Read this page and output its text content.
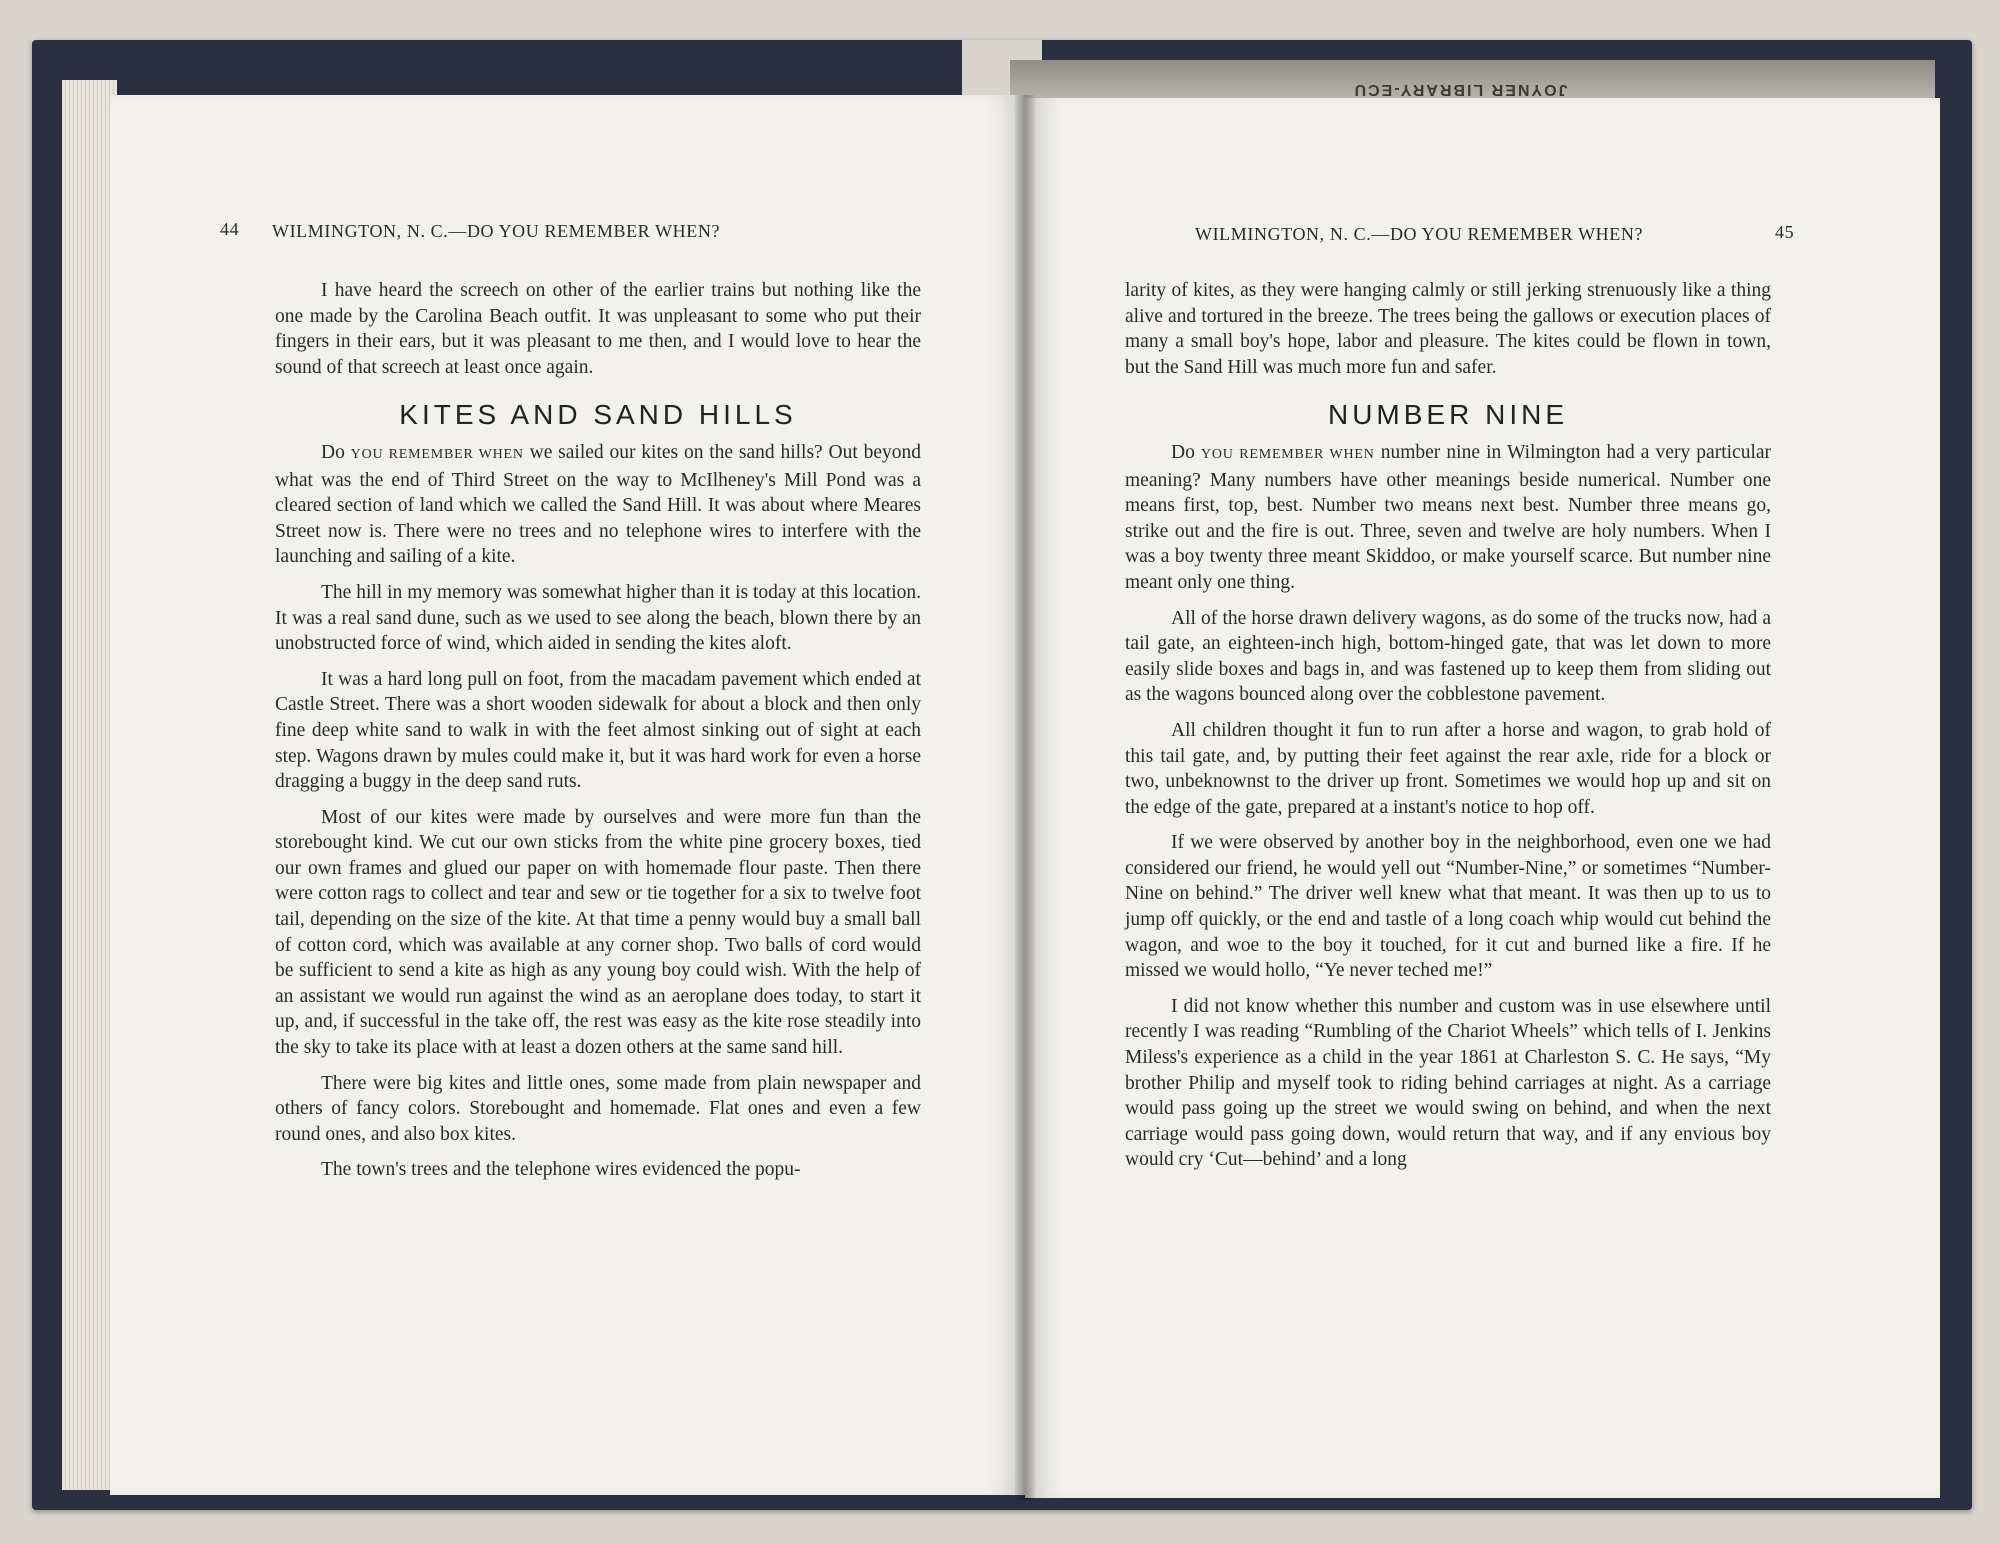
JOYNER LIBRARY-ECU
44 WILMINGTON, N. C.—DO YOU REMEMBER WHEN?

I have heard the screech on other of the earlier trains but nothing like the one made by the Carolina Beach outfit. It was unpleasant to some who put their fingers in their ears, but it was pleasant to me then, and I would love to hear the sound of that screech at least once again.

KITES AND SAND HILLS

Do YOU REMEMBER WHEN we sailed our kites on the sand hills? Out beyond what was the end of Third Street on the way to McIlheney's Mill Pond was a cleared section of land which we called the Sand Hill. It was about where Meares Street now is. There were no trees and no telephone wires to interfere with the launching and sailing of a kite.

The hill in my memory was somewhat higher than it is today at this location. It was a real sand dune, such as we used to see along the beach, blown there by an unobstructed force of wind, which aided in sending the kites aloft.

It was a hard long pull on foot, from the macadam pavement which ended at Castle Street. There was a short wooden sidewalk for about a block and then only fine deep white sand to walk in with the feet almost sinking out of sight at each step. Wagons drawn by mules could make it, but it was hard work for even a horse dragging a buggy in the deep sand ruts.

Most of our kites were made by ourselves and were more fun than the storebought kind. We cut our own sticks from the white pine grocery boxes, tied our own frames and glued our paper on with homemade flour paste. Then there were cotton rags to collect and tear and sew or tie together for a six to twelve foot tail, depending on the size of the kite. At that time a penny would buy a small ball of cotton cord, which was available at any corner shop. Two balls of cord would be sufficient to send a kite as high as any young boy could wish. With the help of an assistant we would run against the wind as an aeroplane does today, to start it up, and, if successful in the take off, the rest was easy as the kite rose steadily into the sky to take its place with at least a dozen others at the same sand hill.

There were big kites and little ones, some made from plain newspaper and others of fancy colors. Storebought and homemade. Flat ones and even a few round ones, and also box kites.

The town's trees and the telephone wires evidenced the popu-

WILMINGTON, N. C.—DO YOU REMEMBER WHEN?	45

larity of kites, as they were hanging calmly or still jerking strenuously like a thing alive and tortured in the breeze. The trees being the gallows or execution places of many a small boy's hope, labor and pleasure. The kites could be flown in town, but the Sand Hill was much more fun and safer.

NUMBER NINE

Do YOU REMEMBER WHEN number nine in Wilmington had a very particular meaning? Many numbers have other meanings beside numerical. Number one means first, top, best. Number two means next best. Number three means go, strike out and the fire is out. Three, seven and twelve are holy numbers. When I was a boy twenty three meant Skiddoo, or make yourself scarce. But number nine meant only one thing.

All of the horse drawn delivery wagons, as do some of the trucks now, had a tail gate, an eighteen-inch high, bottom-hinged gate, that was let down to more easily slide boxes and bags in, and was fastened up to keep them from sliding out as the wagons bounced along over the cobblestone pavement.

All children thought it fun to run after a horse and wagon, to grab hold of this tail gate, and, by putting their feet against the rear axle, ride for a block or two, unbeknownst to the driver up front. Sometimes we would hop up and sit on the edge of the gate, prepared at a instant's notice to hop off.

If we were observed by another boy in the neighborhood, even one we had considered our friend, he would yell out “Number-Nine,” or sometimes “Number-Nine on behind.” The driver well knew what that meant. It was then up to us to jump off quickly, or the end and tastle of a long coach whip would cut behind the wagon, and woe to the boy it touched, for it cut and burned like a fire. If he missed we would hollo, “Ye never teched me!”

I did not know whether this number and custom was in use elsewhere until recently I was reading “Rumbling of the Chariot Wheels” which tells of I. Jenkins Miless's experience as a child in the year 1861 at Charleston S. C. He says, “My brother Philip and myself took to riding behind carriages at night. As a carriage would pass going up the street we would swing on behind, and when the next carriage would pass going down, would return that way, and if any envious boy would cry ‘Cut—behind’ and a long
